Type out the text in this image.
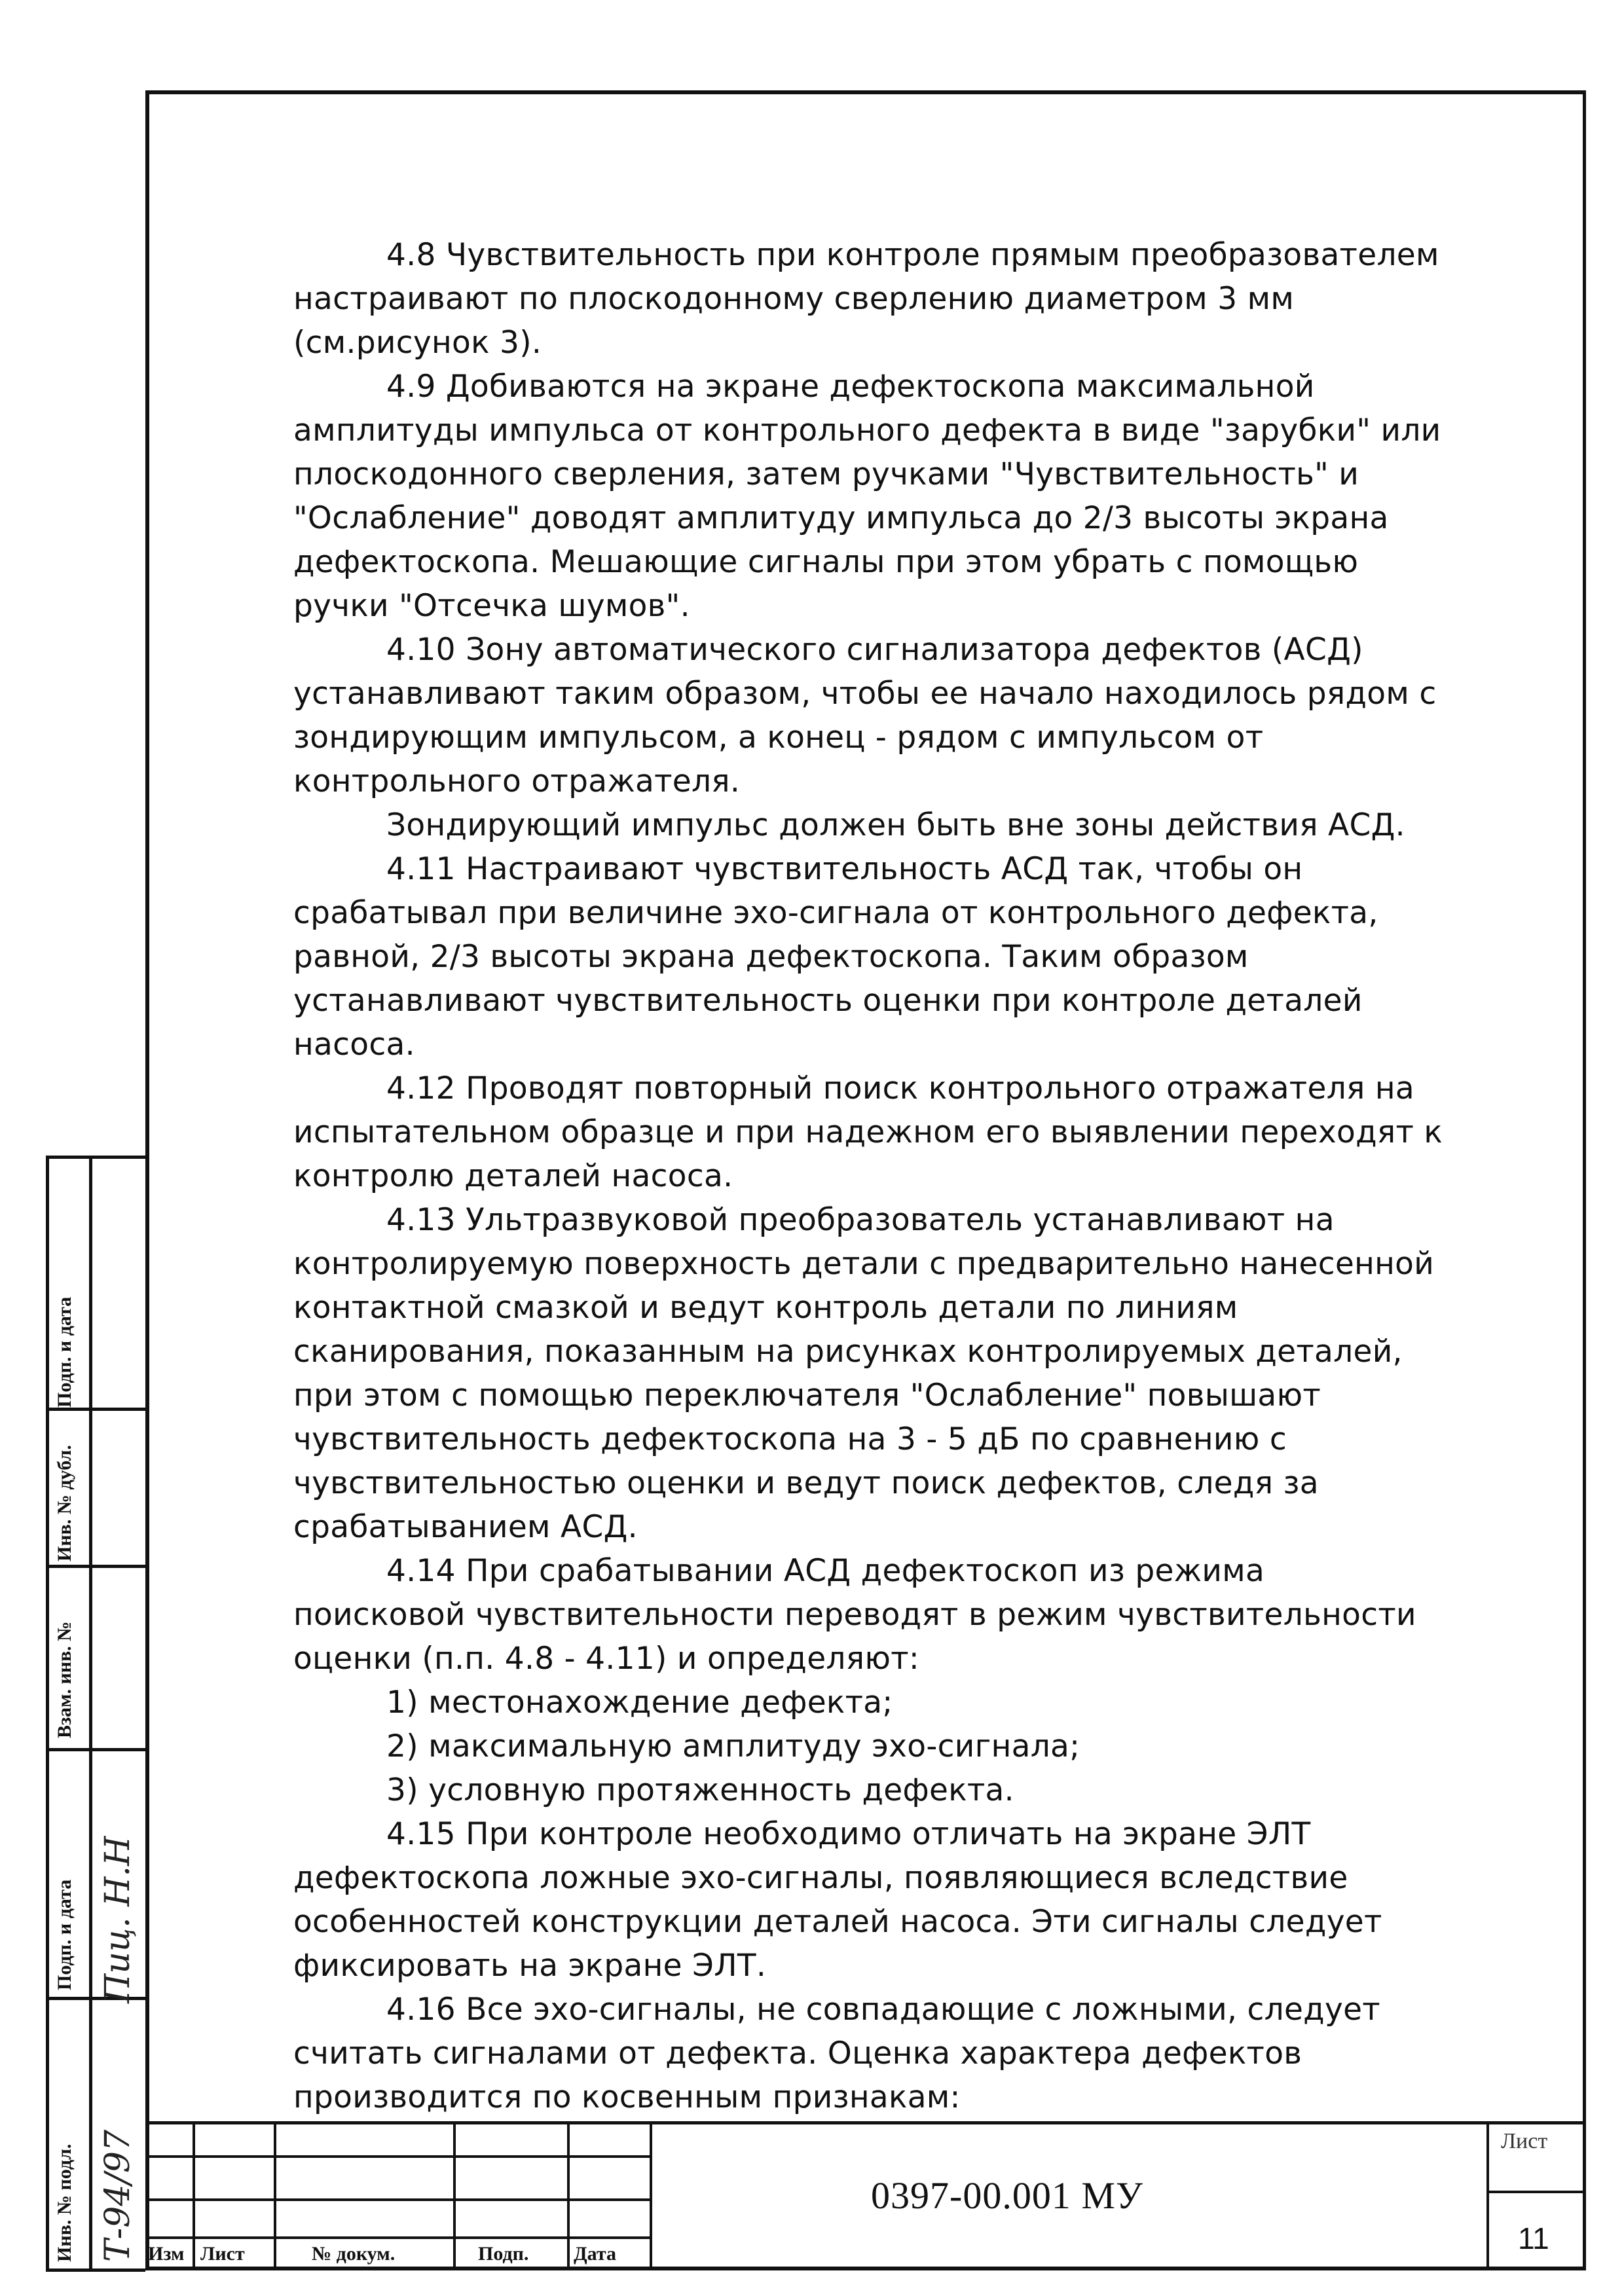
4.8 Чувствительность при контроле прямым преобразователем настраивают по плоскодонному сверлению диаметром 3 мм (см.рисунок 3).

4.9 Добиваются на экране дефектоскопа максимальной амплитуды импульса от контрольного дефекта в виде "зарубки" или плоскодонного сверления, затем ручками "Чувствительность" и "Ослабление" доводят амплитуду импульса до 2/3 высоты экрана дефектоскопа. Мешающие сигналы при этом убрать с помощью ручки "Отсечка шумов".

4.10 Зону автоматического сигнализатора дефектов (АСД) устанавливают таким образом, чтобы ее начало находилось рядом с зондирующим импульсом, а конец - рядом с импульсом от контрольного отражателя.

Зондирующий импульс должен быть вне зоны действия АСД.

4.11 Настраивают чувствительность АСД так, чтобы он срабатывал при величине эхо-сигнала от контрольного дефекта, равной, 2/3 высоты экрана дефектоскопа. Таким образом устанавливают чувствительность оценки при контроле деталей насоса.

4.12 Проводят повторный поиск контрольного отражателя на испытательном образце и при надежном его выявлении переходят к контролю деталей насоса.

4.13 Ультразвуковой преобразователь устанавливают на контролируемую поверхность детали с предварительно нанесенной контактной смазкой и ведут контроль детали по линиям сканирования, показанным на рисунках контролируемых деталей, при этом с помощью переключателя "Ослабление" повышают чувствительность дефектоскопа на 3 - 5 дБ по сравнению с чувствительностью оценки и ведут поиск дефектов, следя за срабатыванием АСД.

4.14 При срабатывании АСД дефектоскоп из режима поисковой чувствительности переводят в режим чувствительности оценки (п.п. 4.8 - 4.11) и определяют:

1) местонахождение дефекта;

2) максимальную амплитуду эхо-сигнала;

3) условную протяженность дефекта.

4.15 При контроле необходимо отличать на экране ЭЛТ дефектоскопа ложные эхо-сигналы, появляющиеся вследствие особенностей конструкции деталей насоса. Эти сигналы следует фиксировать на экране ЭЛТ.

4.16 Все эхо-сигналы, не совпадающие с ложными, следует считать сигналами от дефекта. Оценка характера дефектов производится по косвенным признакам:

Подп. и дата
Инв. № дубл.
Взам. инв. №
Подп. и дата
Инв. № подл.
Пиц. Н.Н
Т-94/97 Изм Лист	№ докум.	Подп. Дата
0397-00.001 МУ
Лист
11
